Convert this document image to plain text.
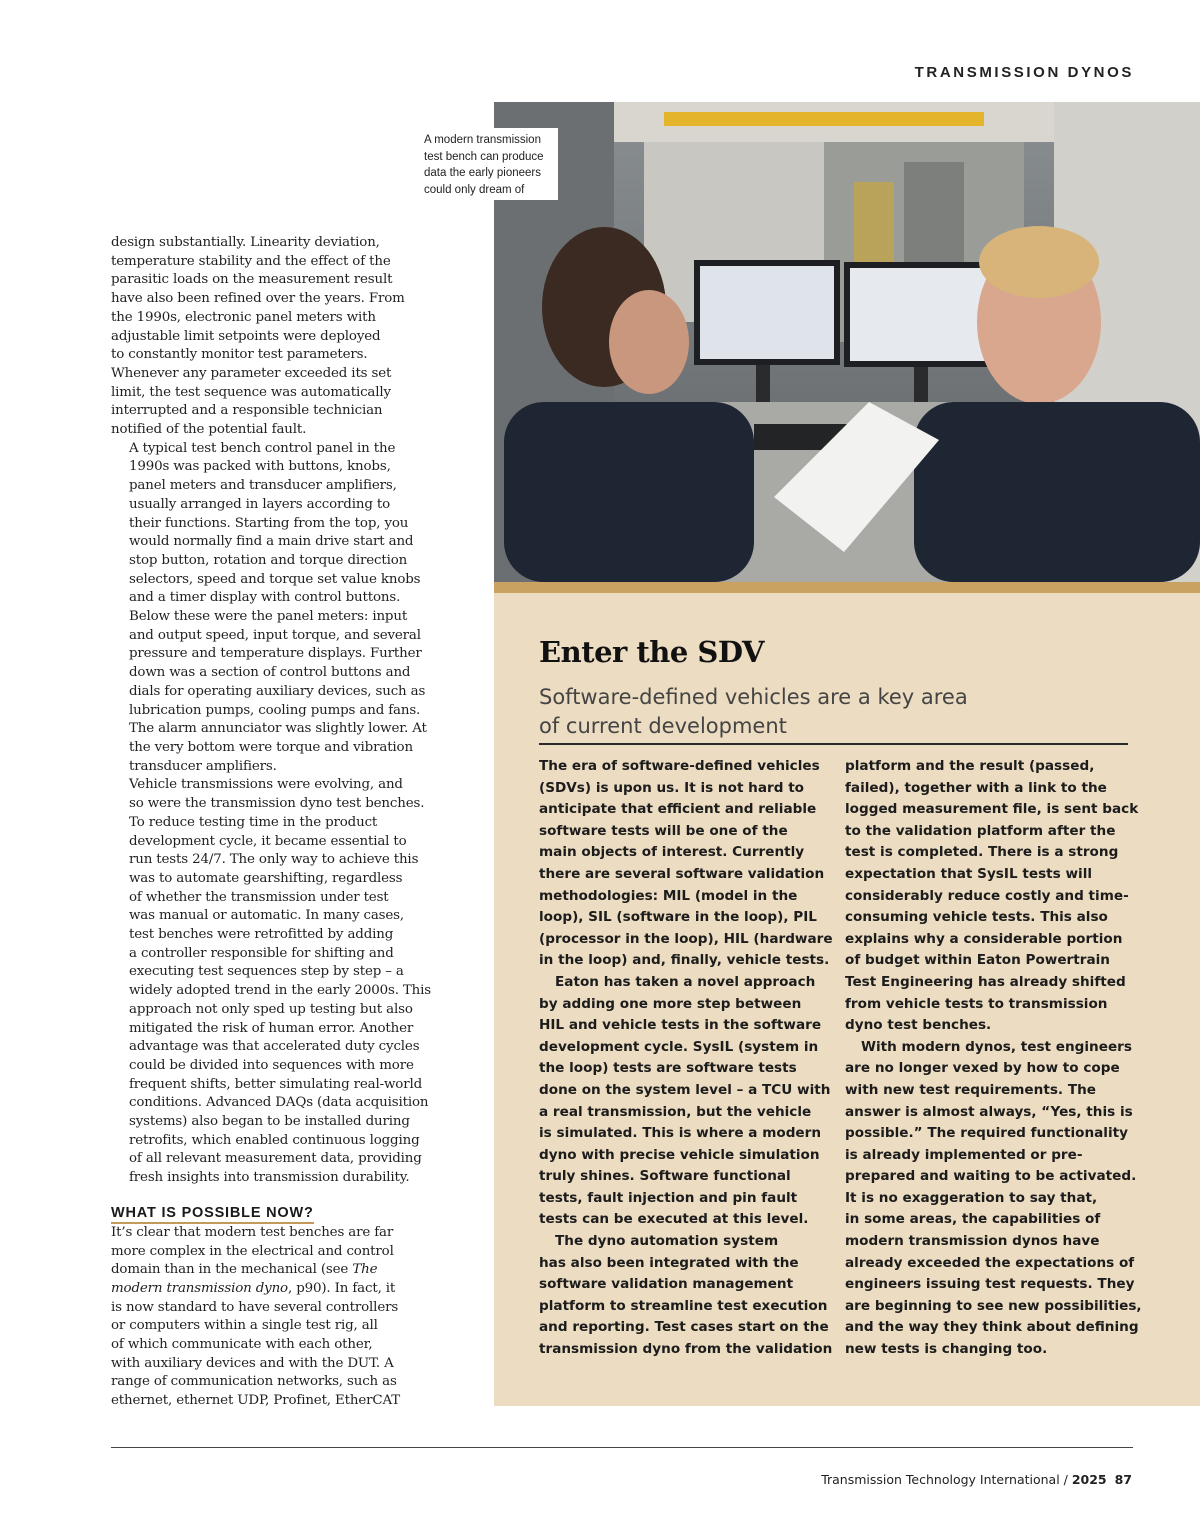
TRANSMISSION DYNOS
A modern transmission
test bench can produce
data the early pioneers
could only dream of

design substantially. Linearity deviation,
temperature stability and the effect of the
parasitic loads on the measurement result
have also been refined over the years. From
the 1990s, electronic panel meters with
adjustable limit setpoints were deployed
to constantly monitor test parameters.
Whenever any parameter exceeded its set
limit, the test sequence was automatically
interrupted and a responsible technician
notified of the potential fault.

A typical test bench control panel in the
1990s was packed with buttons, knobs,
panel meters and transducer amplifiers,
usually arranged in layers according to
their functions. Starting from the top, you
would normally find a main drive start and
stop button, rotation and torque direction
selectors, speed and torque set value knobs
and a timer display with control buttons.
Below these were the panel meters: input
and output speed, input torque, and several
pressure and temperature displays. Further
down was a section of control buttons and
dials for operating auxiliary devices, such as
lubrication pumps, cooling pumps and fans.
The alarm annunciator was slightly lower. At
the very bottom were torque and vibration
transducer amplifiers.

Vehicle transmissions were evolving, and
so were the transmission dyno test benches.
To reduce testing time in the product
development cycle, it became essential to
run tests 24/7. The only way to achieve this
was to automate gearshifting, regardless
of whether the transmission under test
was manual or automatic. In many cases,
test benches were retrofitted by adding
a controller responsible for shifting and
executing test sequences step by step – a
widely adopted trend in the early 2000s. This
approach not only sped up testing but also
mitigated the risk of human error. Another
advantage was that accelerated duty cycles
could be divided into sequences with more
frequent shifts, better simulating real-world
conditions. Advanced DAQs (data acquisition
systems) also began to be installed during
retrofits, which enabled continuous logging
of all relevant measurement data, providing
fresh insights into transmission durability.

WHAT IS POSSIBLE NOW?

It’s clear that modern test benches are far
more complex in the electrical and control
domain than in the mechanical (see The
modern transmission dyno, p90). In fact, it
is now standard to have several controllers
or computers within a single test rig, all
of which communicate with each other,
with auxiliary devices and with the DUT. A
range of communication networks, such as
ethernet, ethernet UDP, Profinet, EtherCAT

Enter the SDV
Software-defined vehicles are a key area
of current development
The era of software-defined vehicles
(SDVs) is upon us. It is not hard to
anticipate that efficient and reliable
software tests will be one of the
main objects of interest. Currently
there are several software validation
methodologies: MIL (model in the
loop), SIL (software in the loop), PIL
(processor in the loop), HIL (hardware
in the loop) and, finally, vehicle tests.
Eaton has taken a novel approach
by adding one more step between
HIL and vehicle tests in the software
development cycle. SysIL (system in
the loop) tests are software tests
done on the system level – a TCU with
a real transmission, but the vehicle
is simulated. This is where a modern
dyno with precise vehicle simulation
truly shines. Software functional
tests, fault injection and pin fault
tests can be executed at this level.
The dyno automation system
has also been integrated with the
software validation management
platform to streamline test execution
and reporting. Test cases start on the
transmission dyno from the validation
platform and the result (passed,
failed), together with a link to the
logged measurement file, is sent back
to the validation platform after the
test is completed. There is a strong
expectation that SysIL tests will
considerably reduce costly and time-
consuming vehicle tests. This also
explains why a considerable portion
of budget within Eaton Powertrain
Test Engineering has already shifted
from vehicle tests to transmission
dyno test benches.
With modern dynos, test engineers
are no longer vexed by how to cope
with new test requirements. The
answer is almost always, “Yes, this is
possible.” The required functionality
is already implemented or pre-
prepared and waiting to be activated.
It is no exaggeration to say that,
in some areas, the capabilities of
modern transmission dynos have
already exceeded the expectations of
engineers issuing test requests. They
are beginning to see new possibilities,
and the way they think about defining
new tests is changing too.
Transmission Technology International / 2025 87
